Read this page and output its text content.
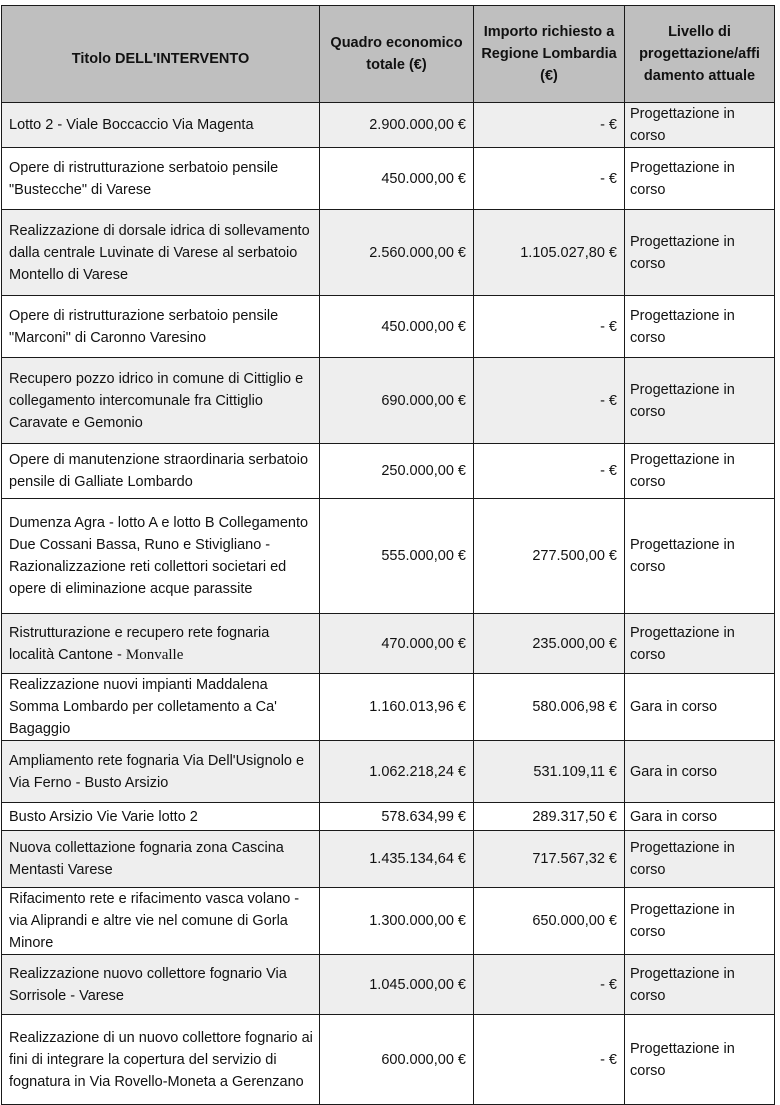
Titolo DELL'INTERVENTO	Quadro economico totale (€)	Importo richiesto a Regione Lombardia (€)	Livello di progettazione/affi damento attuale
Lotto 2 - Viale Boccaccio Via Magenta	2.900.000,00 €	- €	Progettazione in corso
Opere di ristrutturazione serbatoio pensile "Bustecche" di Varese	450.000,00 €	- €	Progettazione in corso
Realizzazione di dorsale idrica di sollevamento dalla centrale Luvinate di Varese al serbatoio Montello di Varese	2.560.000,00 €	1.105.027,80 €	Progettazione in corso
Opere di ristrutturazione serbatoio pensile "Marconi" di Caronno Varesino	450.000,00 €	- €	Progettazione in corso
Recupero pozzo idrico in comune di Cittiglio e collegamento intercomunale fra Cittiglio Caravate e Gemonio	690.000,00 €	- €	Progettazione in corso
Opere di manutenzione straordinaria serbatoio pensile di Galliate Lombardo	250.000,00 €	- €	Progettazione in corso
Dumenza Agra - lotto A e lotto B Collegamento Due Cossani Bassa, Runo e Stivigliano - Razionalizzazione reti collettori societari ed opere di eliminazione acque parassite	555.000,00 €	277.500,00 €	Progettazione in corso
Ristrutturazione e recupero rete fognaria località Cantone - Monvalle	470.000,00 €	235.000,00 €	Progettazione in corso
Realizzazione nuovi impianti Maddalena Somma Lombardo per colletamento a Ca' Bagaggio	1.160.013,96 €	580.006,98 €	Gara in corso
Ampliamento rete fognaria Via Dell'Usignolo e Via Ferno - Busto Arsizio	1.062.218,24 €	531.109,11 €	Gara in corso
Busto Arsizio Vie Varie lotto 2	578.634,99 €	289.317,50 €	Gara in corso
Nuova collettazione fognaria zona Cascina Mentasti Varese	1.435.134,64 €	717.567,32 €	Progettazione in corso
Rifacimento rete e rifacimento vasca volano - via Aliprandi e altre vie nel comune di Gorla Minore	1.300.000,00 €	650.000,00 €	Progettazione in corso
Realizzazione nuovo collettore fognario Via Sorrisole - Varese	1.045.000,00 €	- €	Progettazione in corso
Realizzazione di un nuovo collettore fognario ai fini di integrare la copertura del servizio di fognatura in Via Rovello-Moneta a Gerenzano	600.000,00 €	- €	Progettazione in corso
